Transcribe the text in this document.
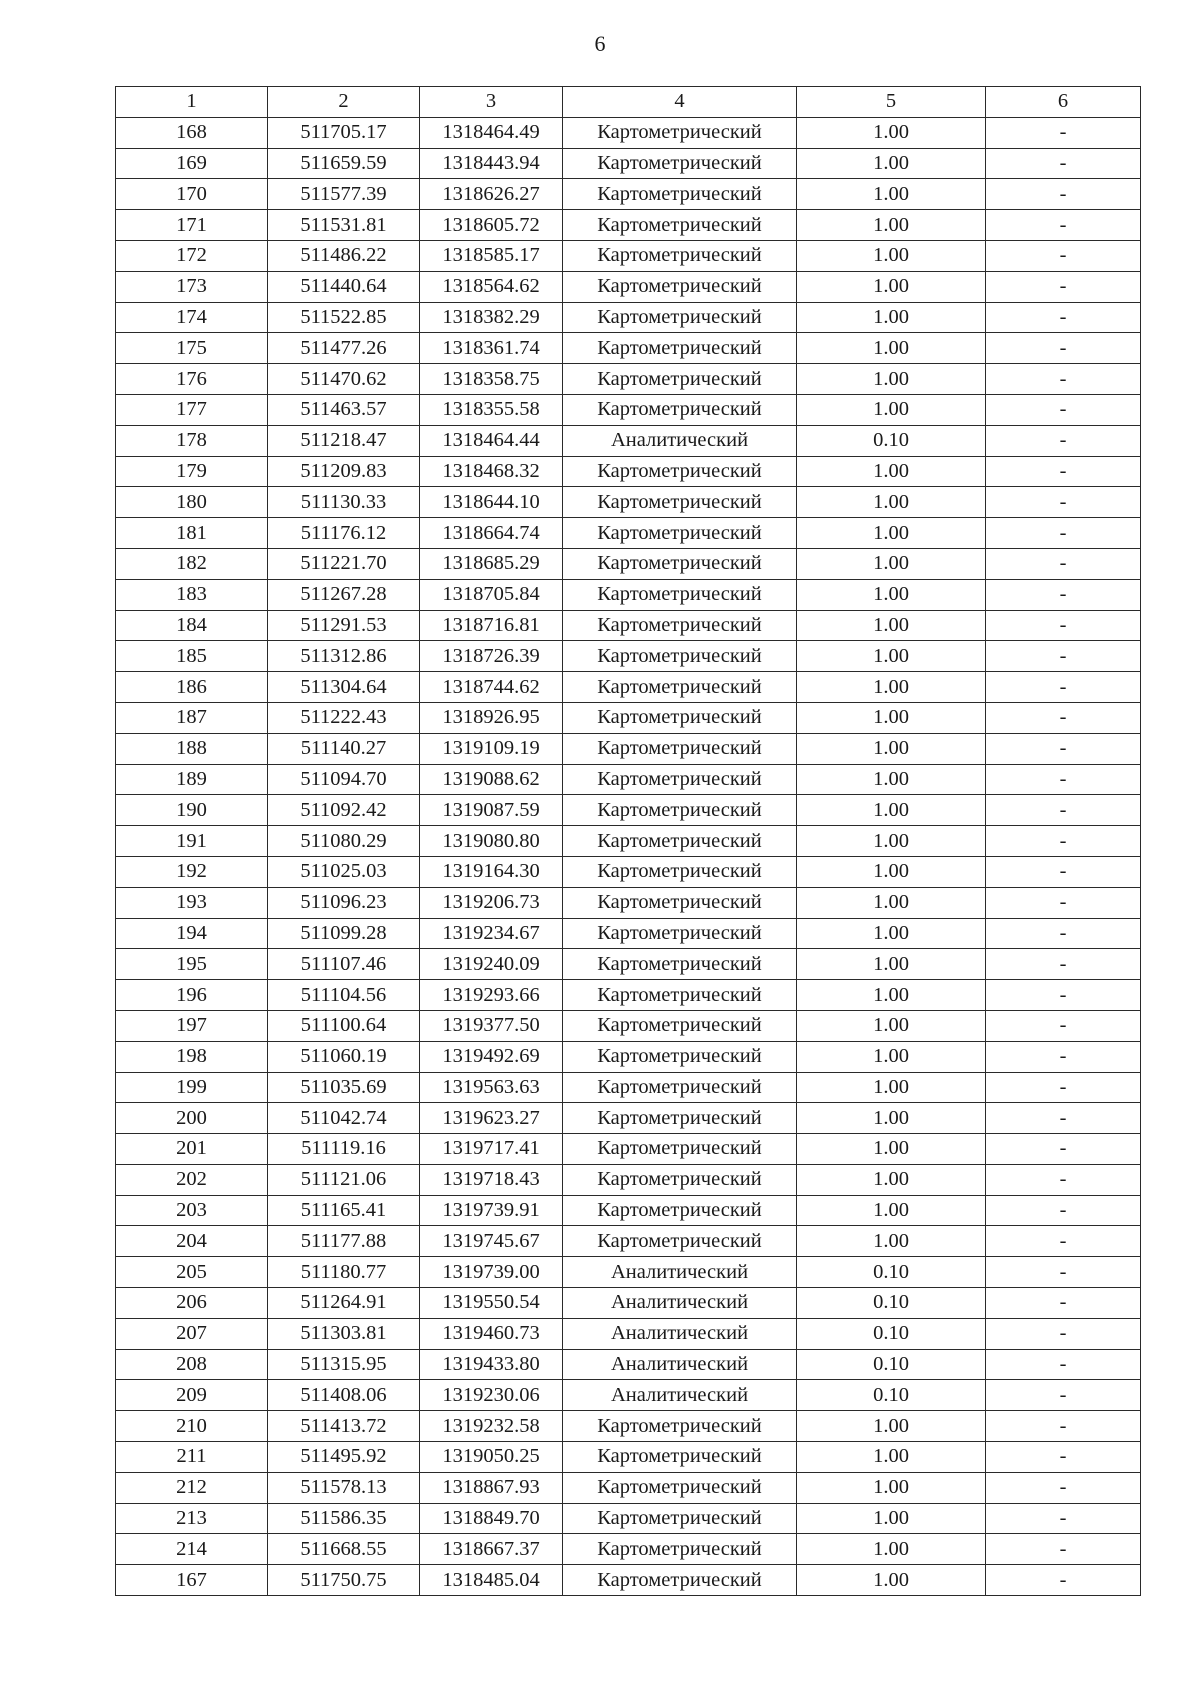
6
1	2	3	4	5	6
168	511705.17	1318464.49	Картометрический	1.00	-
169	511659.59	1318443.94	Картометрический	1.00	-
170	511577.39	1318626.27	Картометрический	1.00	-
171	511531.81	1318605.72	Картометрический	1.00	-
172	511486.22	1318585.17	Картометрический	1.00	-
173	511440.64	1318564.62	Картометрический	1.00	-
174	511522.85	1318382.29	Картометрический	1.00	-
175	511477.26	1318361.74	Картометрический	1.00	-
176	511470.62	1318358.75	Картометрический	1.00	-
177	511463.57	1318355.58	Картометрический	1.00	-
178	511218.47	1318464.44	Аналитический	0.10	-
179	511209.83	1318468.32	Картометрический	1.00	-
180	511130.33	1318644.10	Картометрический	1.00	-
181	511176.12	1318664.74	Картометрический	1.00	-
182	511221.70	1318685.29	Картометрический	1.00	-
183	511267.28	1318705.84	Картометрический	1.00	-
184	511291.53	1318716.81	Картометрический	1.00	-
185	511312.86	1318726.39	Картометрический	1.00	-
186	511304.64	1318744.62	Картометрический	1.00	-
187	511222.43	1318926.95	Картометрический	1.00	-
188	511140.27	1319109.19	Картометрический	1.00	-
189	511094.70	1319088.62	Картометрический	1.00	-
190	511092.42	1319087.59	Картометрический	1.00	-
191	511080.29	1319080.80	Картометрический	1.00	-
192	511025.03	1319164.30	Картометрический	1.00	-
193	511096.23	1319206.73	Картометрический	1.00	-
194	511099.28	1319234.67	Картометрический	1.00	-
195	511107.46	1319240.09	Картометрический	1.00	-
196	511104.56	1319293.66	Картометрический	1.00	-
197	511100.64	1319377.50	Картометрический	1.00	-
198	511060.19	1319492.69	Картометрический	1.00	-
199	511035.69	1319563.63	Картометрический	1.00	-
200	511042.74	1319623.27	Картометрический	1.00	-
201	511119.16	1319717.41	Картометрический	1.00	-
202	511121.06	1319718.43	Картометрический	1.00	-
203	511165.41	1319739.91	Картометрический	1.00	-
204	511177.88	1319745.67	Картометрический	1.00	-
205	511180.77	1319739.00	Аналитический	0.10	-
206	511264.91	1319550.54	Аналитический	0.10	-
207	511303.81	1319460.73	Аналитический	0.10	-
208	511315.95	1319433.80	Аналитический	0.10	-
209	511408.06	1319230.06	Аналитический	0.10	-
210	511413.72	1319232.58	Картометрический	1.00	-
211	511495.92	1319050.25	Картометрический	1.00	-
212	511578.13	1318867.93	Картометрический	1.00	-
213	511586.35	1318849.70	Картометрический	1.00	-
214	511668.55	1318667.37	Картометрический	1.00	-
167	511750.75	1318485.04	Картометрический	1.00	-
